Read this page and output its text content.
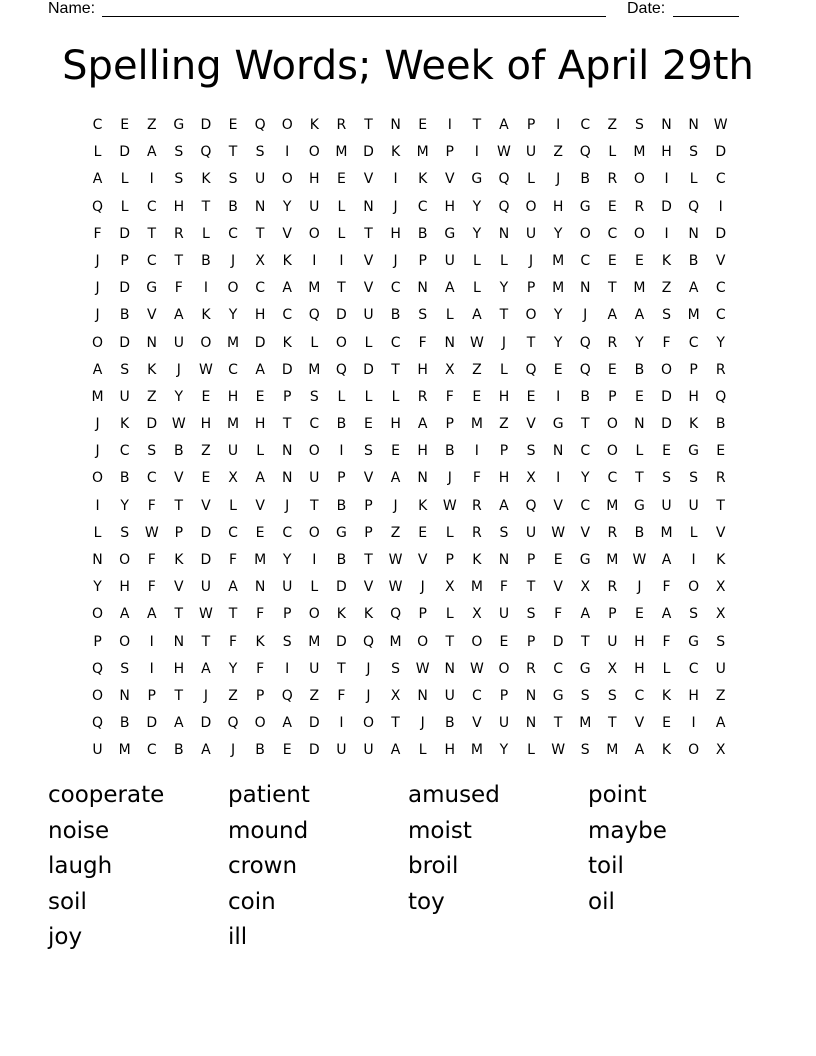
Name:	Date:
Spelling Words; Week of April 29th
C	E	Z	G	D	E	Q	O	K	R	T	N	E	I	T	A	P	I	C	Z	S	N	N	W
L	D	A	S	Q	T	S	I	O	M	D	K	M	P	I	W	U	Z	Q	L	M	H	S	D
A	L	I	S	K	S	U	O	H	E	V	I	K	V	G	Q	L	J	B	R	O	I	L	C
Q	L	C	H	T	B	N	Y	U	L	N	J	C	H	Y	Q	O	H	G	E	R	D	Q	I
F	D	T	R	L	C	T	V	O	L	T	H	B	G	Y	N	U	Y	O	C	O	I	N	D
J	P	C	T	B	J	X	K	I	I	V	J	P	U	L	L	J	M	C	E	E	K	B	V
J	D	G	F	I	O	C	A	M	T	V	C	N	A	L	Y	P	M	N	T	M	Z	A	C
J	B	V	A	K	Y	H	C	Q	D	U	B	S	L	A	T	O	Y	J	A	A	S	M	C
O	D	N	U	O	M	D	K	L	O	L	C	F	N	W	J	T	Y	Q	R	Y	F	C	Y
A	S	K	J	W	C	A	D	M	Q	D	T	H	X	Z	L	Q	E	Q	E	B	O	P	R
M	U	Z	Y	E	H	E	P	S	L	L	L	R	F	E	H	E	I	B	P	E	D	H	Q
J	K	D	W	H	M	H	T	C	B	E	H	A	P	M	Z	V	G	T	O	N	D	K	B
J	C	S	B	Z	U	L	N	O	I	S	E	H	B	I	P	S	N	C	O	L	E	G	E
O	B	C	V	E	X	A	N	U	P	V	A	N	J	F	H	X	I	Y	C	T	S	S	R
I	Y	F	T	V	L	V	J	T	B	P	J	K	W	R	A	Q	V	C	M	G	U	U	T
L	S	W	P	D	C	E	C	O	G	P	Z	E	L	R	S	U	W	V	R	B	M	L	V
N	O	F	K	D	F	M	Y	I	B	T	W	V	P	K	N	P	E	G	M	W	A	I	K
Y	H	F	V	U	A	N	U	L	D	V	W	J	X	M	F	T	V	X	R	J	F	O	X
O	A	A	T	W	T	F	P	O	K	K	Q	P	L	X	U	S	F	A	P	E	A	S	X
P	O	I	N	T	F	K	S	M	D	Q	M	O	T	O	E	P	D	T	U	H	F	G	S
Q	S	I	H	A	Y	F	I	U	T	J	S	W	N	W	O	R	C	G	X	H	L	C	U
O	N	P	T	J	Z	P	Q	Z	F	J	X	N	U	C	P	N	G	S	S	C	K	H	Z
Q	B	D	A	D	Q	O	A	D	I	O	T	J	B	V	U	N	T	M	T	V	E	I	A
U	M	C	B	A	J	B	E	D	U	U	A	L	H	M	Y	L	W	S	M	A	K	O	X
cooperate	patient	amused	point
noise	mound	moist	maybe
laugh	crown	broil	toil
soil	coin	toy	oil
joy	ill
